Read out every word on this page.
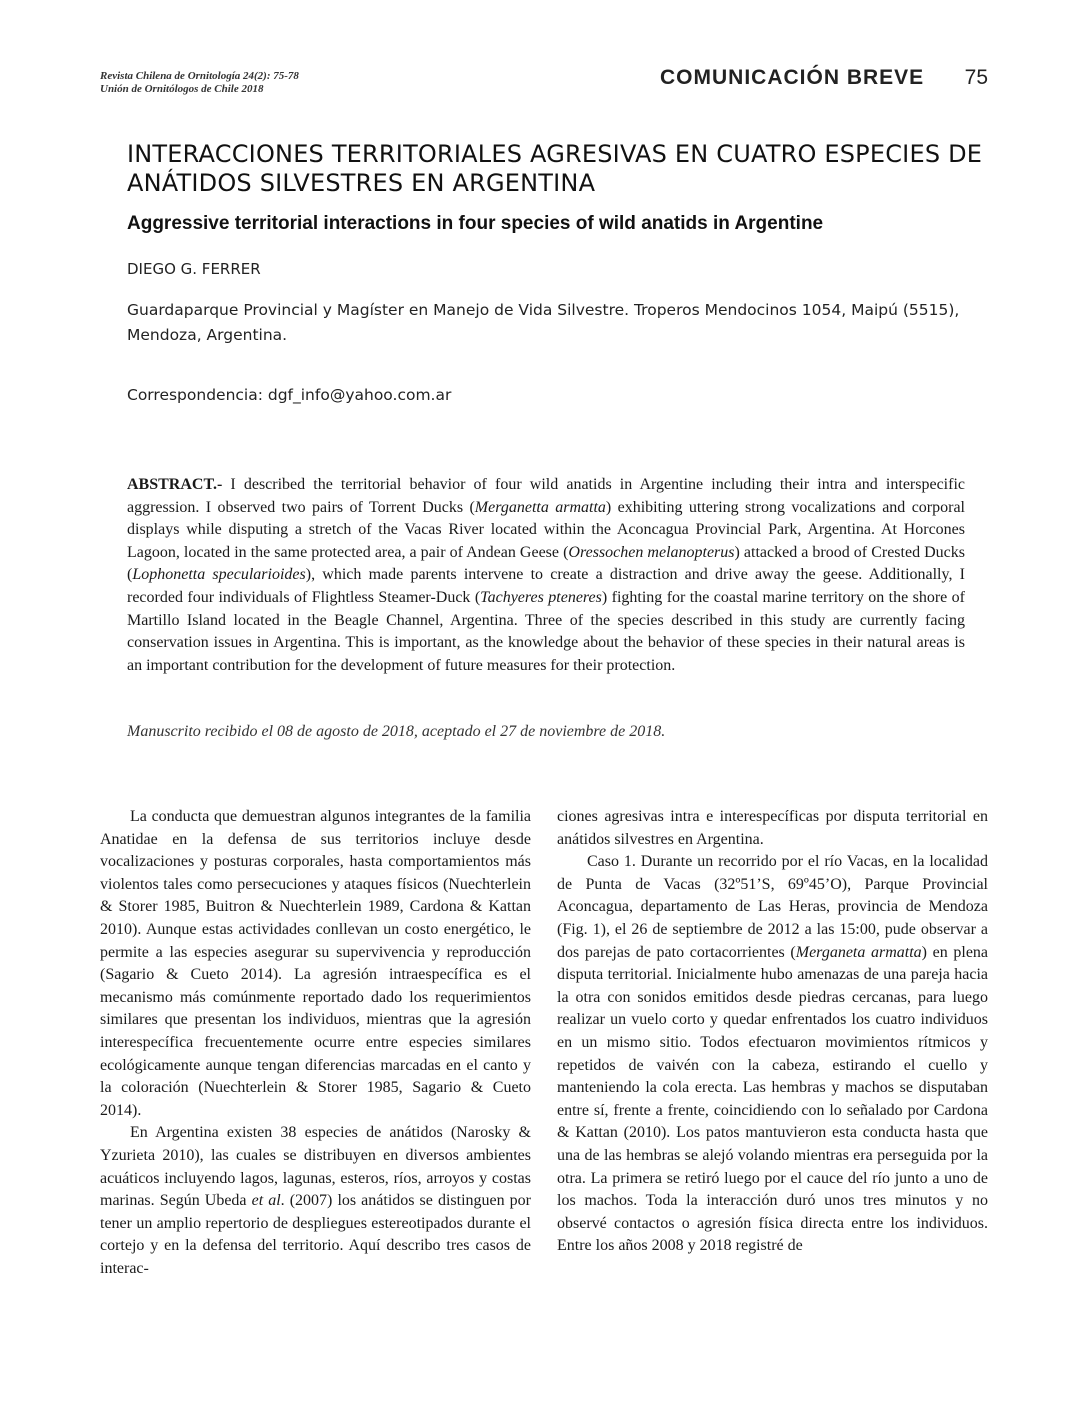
Revista Chilena de Ornitología 24(2): 75-78
Unión de Ornitólogos de Chile 2018	COMUNICACIÓN BREVE	75
INTERACCIONES TERRITORIALES AGRESIVAS EN CUATRO ESPECIES DE ANÁTIDOS SILVESTRES EN ARGENTINA
Aggressive territorial interactions in four species of wild anatids in Argentine
DIEGO G. FERRER
Guardaparque Provincial y Magíster en Manejo de Vida Silvestre. Troperos Mendocinos 1054, Maipú (5515), Mendoza, Argentina.
Correspondencia: dgf_info@yahoo.com.ar
ABSTRACT.- I described the territorial behavior of four wild anatids in Argentine including their intra and interspecific aggression. I observed two pairs of Torrent Ducks (Merganetta armatta) exhibiting uttering strong vocalizations and corporal displays while disputing a stretch of the Vacas River located within the Aconcagua Provincial Park, Argentina. At Horcones Lagoon, located in the same protected area, a pair of Andean Geese (Oressochen melanopterus) attacked a brood of Crested Ducks (Lophonetta specularioides), which made parents intervene to create a distraction and drive away the geese. Additionally, I recorded four individuals of Flightless Steamer-Duck (Tachyeres pteneres) fighting for the coastal marine territory on the shore of Martillo Island located in the Beagle Channel, Argentina. Three of the species described in this study are currently facing conservation issues in Argentina. This is important, as the knowledge about the behavior of these species in their natural areas is an important contribution for the development of future measures for their protection.
Manuscrito recibido el 08 de agosto de 2018, aceptado el 27 de noviembre de 2018.

La conducta que demuestran algunos integrantes de la familia Anatidae en la defensa de sus territorios incluye desde vocalizaciones y posturas corporales, hasta comportamientos más violentos tales como persecuciones y ataques físicos (Nuechterlein & Storer 1985, Buitron & Nuechterlein 1989, Cardona & Kattan 2010). Aunque estas actividades conllevan un costo energético, le permite a las especies asegurar su supervivencia y reproducción (Sagario & Cueto 2014). La agresión intraespecífica es el mecanismo más comúnmente reportado dado los requerimientos similares que presentan los individuos, mientras que la agresión interespecífica frecuentemente ocurre entre especies similares ecológicamente aunque tengan diferencias marcadas en el canto y la coloración (Nuechterlein & Storer 1985, Sagario & Cueto 2014).

En Argentina existen 38 especies de anátidos (Narosky & Yzurieta 2010), las cuales se distribuyen en diversos ambientes acuáticos incluyendo lagos, lagunas, esteros, ríos, arroyos y costas marinas. Según Ubeda et al. (2007) los anátidos se distinguen por tener un amplio repertorio de despliegues estereotipados durante el cortejo y en la defensa del territorio. Aquí describo tres casos de interac-

ciones agresivas intra e interespecíficas por disputa territorial en anátidos silvestres en Argentina.

Caso 1. Durante un recorrido por el río Vacas, en la localidad de Punta de Vacas (32º51’S, 69º45’O), Parque Provincial Aconcagua, departamento de Las Heras, provincia de Mendoza (Fig. 1), el 26 de septiembre de 2012 a las 15:00, pude observar a dos parejas de pato cortacorrientes (Merganeta armatta) en plena disputa territorial. Inicialmente hubo amenazas de una pareja hacia la otra con sonidos emitidos desde piedras cercanas, para luego realizar un vuelo corto y quedar enfrentados los cuatro individuos en un mismo sitio. Todos efectuaron movimientos rítmicos y repetidos de vaivén con la cabeza, estirando el cuello y manteniendo la cola erecta. Las hembras y machos se disputaban entre sí, frente a frente, coincidiendo con lo señalado por Cardona & Kattan (2010). Los patos mantuvieron esta conducta hasta que una de las hembras se alejó volando mientras era perseguida por la otra. La primera se retiró luego por el cauce del río junto a uno de los machos. Toda la interacción duró unos tres minutos y no observé contactos o agresión física directa entre los individuos. Entre los años 2008 y 2018 registré de
